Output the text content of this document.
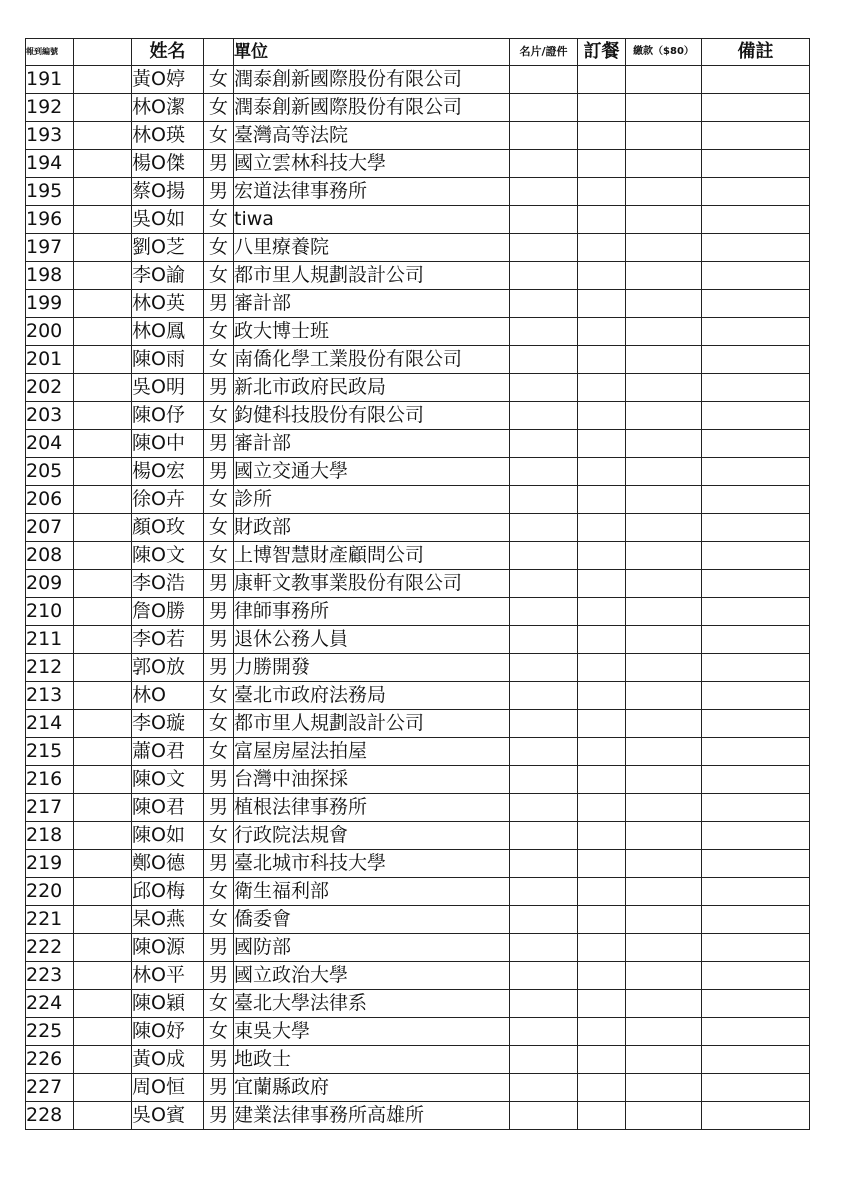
報到編號		姓名		單位	名片/證件	訂餐	繳款（$80）	備註
191		黃O婷	女	潤泰創新國際股份有限公司				
192		林O潔	女	潤泰創新國際股份有限公司				
193		林O瑛	女	臺灣高等法院				
194		楊O傑	男	國立雲林科技大學				
195		蔡O揚	男	宏道法律事務所				
196		吳O如	女	tiwa				
197		劉O芝	女	八里療養院				
198		李O諭	女	都市里人規劃設計公司				
199		林O英	男	審計部				
200		林O鳳	女	政大博士班				
201		陳O雨	女	南僑化學工業股份有限公司				
202		吳O明	男	新北市政府民政局				
203		陳O伃	女	鈞健科技股份有限公司				
204		陳O中	男	審計部				
205		楊O宏	男	國立交通大學				
206		徐O卉	女	診所				
207		顏O玫	女	財政部				
208		陳O文	女	上博智慧財產顧問公司				
209		李O浩	男	康軒文教事業股份有限公司				
210		詹O勝	男	律師事務所				
211		李O若	男	退休公務人員				
212		郭O放	男	力勝開發				
213		林O	女	臺北市政府法務局				
214		李O璇	女	都市里人規劃設計公司				
215		蕭O君	女	富屋房屋法拍屋				
216		陳O文	男	台灣中油探採				
217		陳O君	男	植根法律事務所				
218		陳O如	女	行政院法規會				
219		鄭O德	男	臺北城市科技大學				
220		邱O梅	女	衛生福利部				
221		杲O燕	女	僑委會				
222		陳O源	男	國防部				
223		林O平	男	國立政治大學				
224		陳O穎	女	臺北大學法律系				
225		陳O妤	女	東吳大學				
226		黃O成	男	地政士				
227		周O恒	男	宜蘭縣政府				
228		吳O賓	男	建業法律事務所高雄所				
